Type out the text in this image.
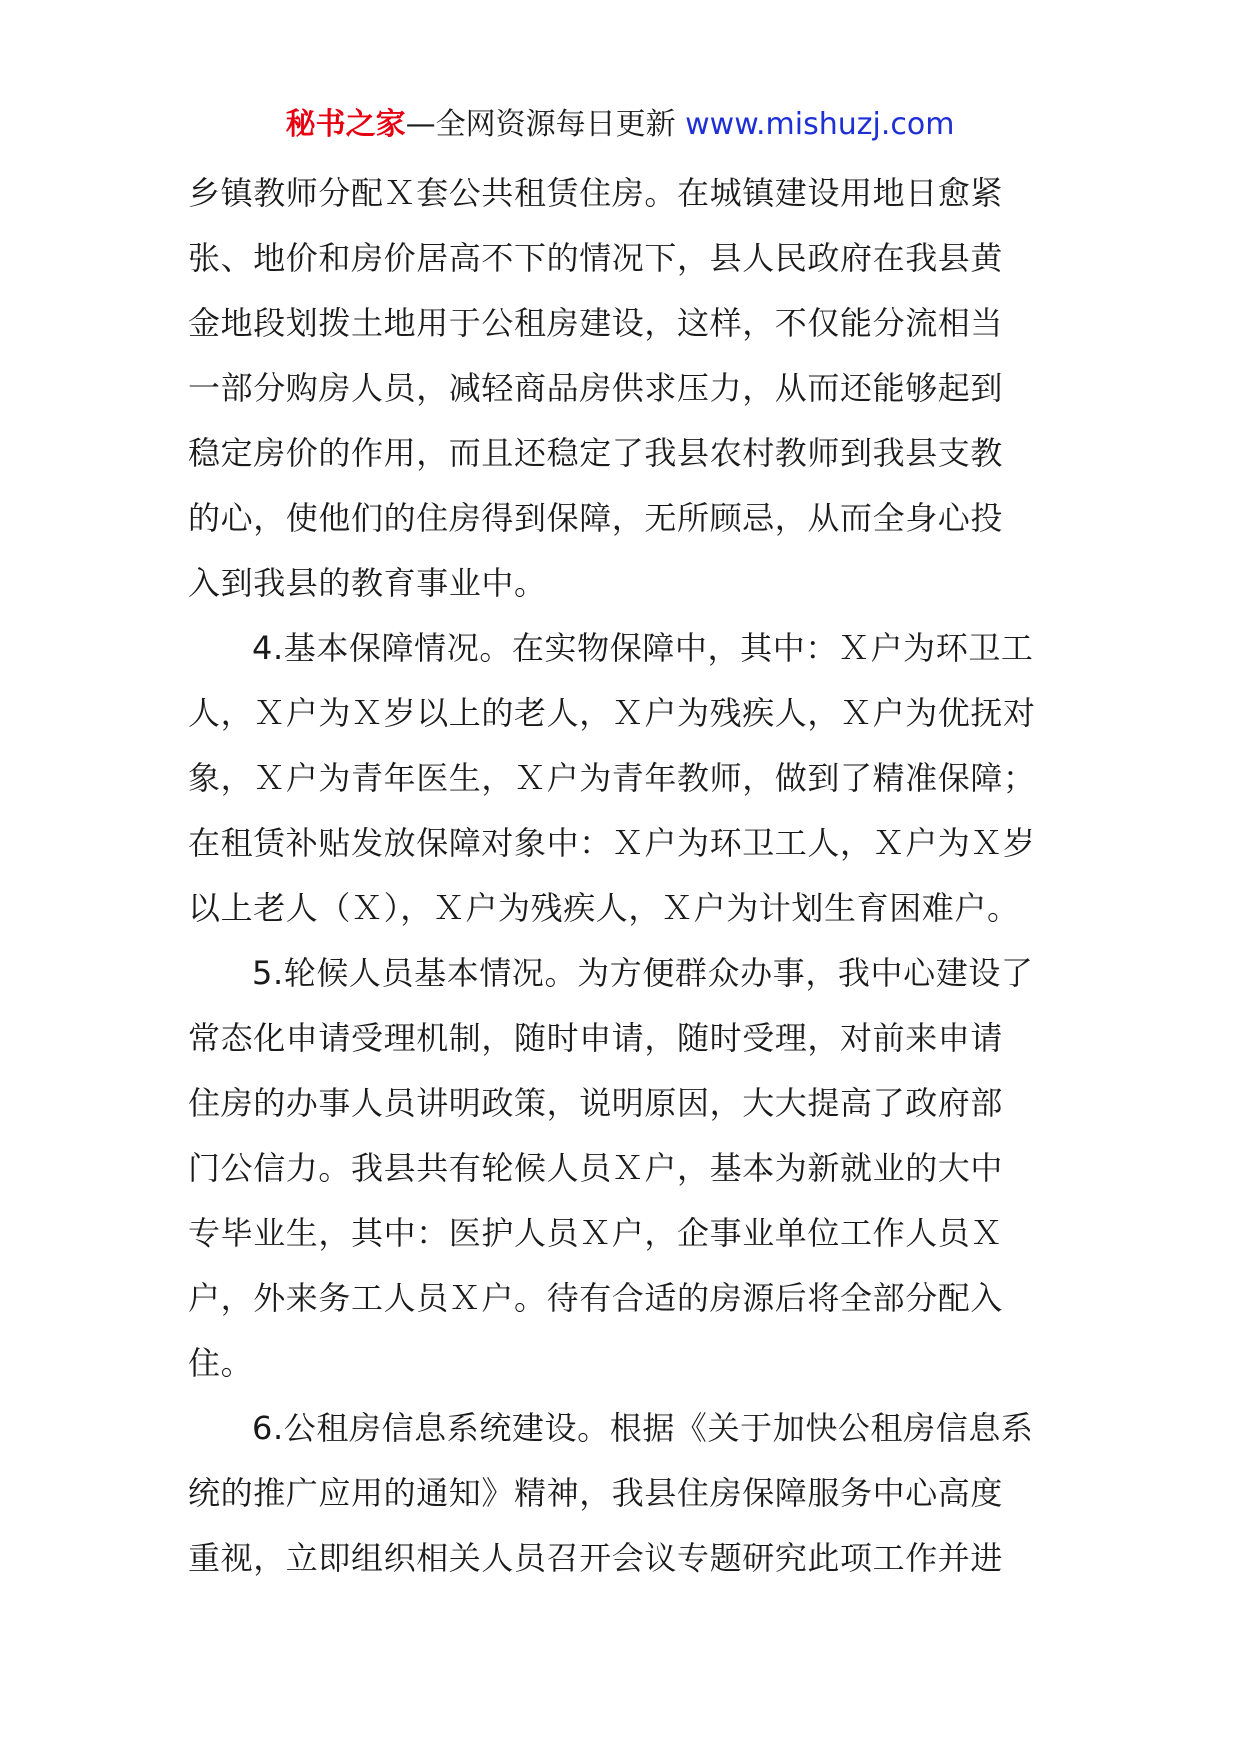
秘书之家—全网资源每日更新 www.mishuzj.com
乡镇教师分配Ｘ套公共租赁住房。在城镇建设用地日愈紧
张、地价和房价居高不下的情况下，县人民政府在我县黄
金地段划拨土地用于公租房建设，这样，不仅能分流相当
一部分购房人员，减轻商品房供求压力，从而还能够起到
稳定房价的作用，而且还稳定了我县农村教师到我县支教
的心，使他们的住房得到保障，无所顾忌，从而全身心投
入到我县的教育事业中。
4.基本保障情况。在实物保障中，其中：Ｘ户为环卫工
人，Ｘ户为Ｘ岁以上的老人，Ｘ户为残疾人，Ｘ户为优抚对
象，Ｘ户为青年医生，Ｘ户为青年教师，做到了精准保障；
在租赁补贴发放保障对象中：Ｘ户为环卫工人，Ｘ户为Ｘ岁
以上老人（Ｘ），Ｘ户为残疾人，Ｘ户为计划生育困难户。
5.轮候人员基本情况。为方便群众办事，我中心建设了
常态化申请受理机制，随时申请，随时受理，对前来申请
住房的办事人员讲明政策，说明原因，大大提高了政府部
门公信力。我县共有轮候人员Ｘ户，基本为新就业的大中
专毕业生，其中：医护人员Ｘ户，企事业单位工作人员Ｘ
户，外来务工人员Ｘ户。待有合适的房源后将全部分配入
住。
6.公租房信息系统建设。根据《关于加快公租房信息系
统的推广应用的通知》精神，我县住房保障服务中心高度
重视，立即组织相关人员召开会议专题研究此项工作并进
